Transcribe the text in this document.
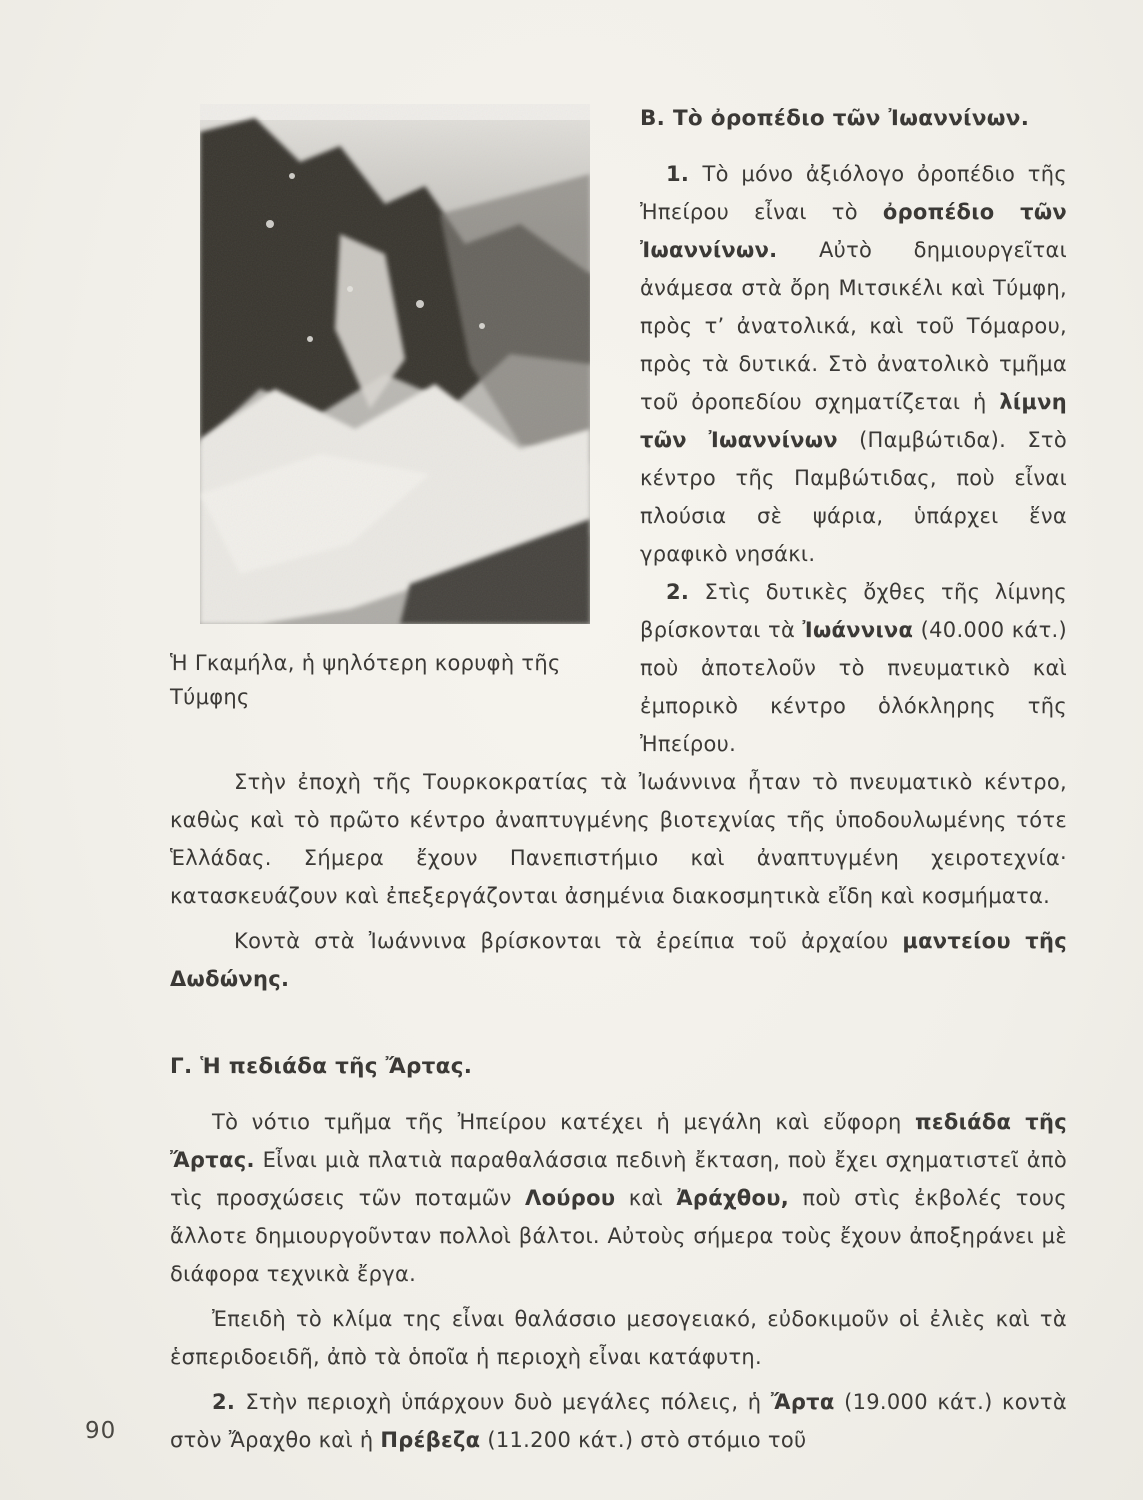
Ἡ Γκαμήλα, ἡ ψηλότερη κορυφὴ τῆς Τύμφης
Β. Τὸ ὀροπέδιο τῶν Ἰωαννίνων.

1. Τὸ μόνο ἀξιόλογο ὀροπέδιο τῆς Ἠπείρου εἶναι τὸ ὀροπέδιο τῶν Ἰωαννίνων. Αὐτὸ δημιουργεῖται ἀνάμεσα στὰ ὄρη Μιτσικέλι καὶ Τύμφη, πρὸς τ’ ἀνατολικά, καὶ τοῦ Τόμαρου, πρὸς τὰ δυτικά. Στὸ ἀνατολικὸ τμῆμα τοῦ ὀροπεδίου σχηματίζεται ἡ λίμνη τῶν Ἰωαννίνων (Παμβώτιδα). Στὸ κέντρο τῆς Παμβώτιδας, ποὺ εἶναι πλούσια σὲ ψάρια, ὑπάρχει ἕνα γραφικὸ νησάκι.

2. Στὶς δυτικὲς ὄχθες τῆς λίμνης βρίσκονται τὰ Ἰωάννινα (40.000 κάτ.) ποὺ ἀποτελοῦν τὸ πνευματικὸ καὶ ἐμπορικὸ κέντρο ὁλόκληρης τῆς Ἠπείρου.

Στὴν ἐποχὴ τῆς Τουρκοκρατίας τὰ Ἰωάννινα ἦταν τὸ πνευματικὸ κέντρο, καθὼς καὶ τὸ πρῶτο κέντρο ἀναπτυγμένης βιοτεχνίας τῆς ὑποδουλωμένης τότε Ἑλλάδας. Σήμερα ἔχουν Πανεπιστήμιο καὶ ἀναπτυγμένη χειροτεχνία· κατασκευάζουν καὶ ἐπεξεργάζονται ἀσημένια διακοσμητικὰ εἴδη καὶ κοσμήματα.

Κοντὰ στὰ Ἰωάννινα βρίσκονται τὰ ἐρείπια τοῦ ἀρχαίου μαντείου τῆς Δωδώνης.

Γ. Ἡ πεδιάδα τῆς Ἄρτας.

Τὸ νότιο τμῆμα τῆς Ἠπείρου κατέχει ἡ μεγάλη καὶ εὔφορη πεδιάδα τῆς Ἄρτας. Εἶναι μιὰ πλατιὰ παραθαλάσσια πεδινὴ ἔκταση, ποὺ ἔχει σχηματιστεῖ ἀπὸ τὶς προσχώσεις τῶν ποταμῶν Λούρου καὶ Ἀράχθου, ποὺ στὶς ἐκβολές τους ἄλλοτε δημιουργοῦνταν πολλοὶ βάλτοι. Αὐτοὺς σήμερα τοὺς ἔχουν ἀποξηράνει μὲ διάφορα τεχνικὰ ἔργα.

Ἐπειδὴ τὸ κλίμα της εἶναι θαλάσσιο μεσογειακό, εὐδοκιμοῦν οἱ ἐλιὲς καὶ τὰ ἑσπεριδοειδῆ, ἀπὸ τὰ ὁποῖα ἡ περιοχὴ εἶναι κατάφυτη.

2. Στὴν περιοχὴ ὑπάρχουν δυὸ μεγάλες πόλεις, ἡ Ἄρτα (19.000 κάτ.) κοντὰ στὸν Ἄραχθο καὶ ἡ Πρέβεζα (11.200 κάτ.) στὸ στόμιο τοῦ

90
